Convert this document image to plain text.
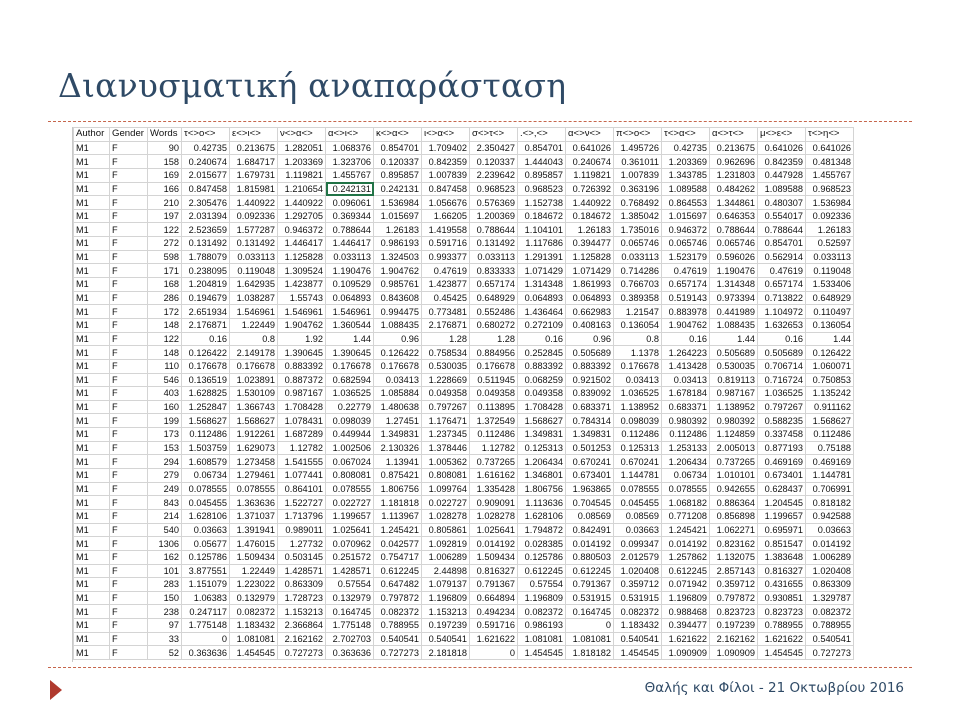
Διανυσματική αναπαράσταση
Author	Gender	Words	τ<>ο<>	ε<>ι<>	ν<>α<>	α<>ι<>	κ<>α<>	ι<>α<>	σ<>τ<>	.<>,<>	α<>ν<>	π<>ο<>	τ<>α<>	α<>τ<>	μ<>ε<>	τ<>η<>
M1	F	90	0.42735	0.213675	1.282051	1.068376	0.854701	1.709402	2.350427	0.854701	0.641026	1.495726	0.42735	0.213675	0.641026	0.641026
M1	F	158	0.240674	1.684717	1.203369	1.323706	0.120337	0.842359	0.120337	1.444043	0.240674	0.361011	1.203369	0.962696	0.842359	0.481348
M1	F	169	2.015677	1.679731	1.119821	1.455767	0.895857	1.007839	2.239642	0.895857	1.119821	1.007839	1.343785	1.231803	0.447928	1.455767
M1	F	166	0.847458	1.815981	1.210654	0.242131	0.242131	0.847458	0.968523	0.968523	0.726392	0.363196	1.089588	0.484262	1.089588	0.968523
M1	F	210	2.305476	1.440922	1.440922	0.096061	1.536984	1.056676	0.576369	1.152738	1.440922	0.768492	0.864553	1.344861	0.480307	1.536984
M1	F	197	2.031394	0.092336	1.292705	0.369344	1.015697	1.66205	1.200369	0.184672	0.184672	1.385042	1.015697	0.646353	0.554017	0.092336
M1	F	122	2.523659	1.577287	0.946372	0.788644	1.26183	1.419558	0.788644	1.104101	1.26183	1.735016	0.946372	0.788644	0.788644	1.26183
M1	F	272	0.131492	0.131492	1.446417	1.446417	0.986193	0.591716	0.131492	1.117686	0.394477	0.065746	0.065746	0.065746	0.854701	0.52597
M1	F	598	1.788079	0.033113	1.125828	0.033113	1.324503	0.993377	0.033113	1.291391	1.125828	0.033113	1.523179	0.596026	0.562914	0.033113
M1	F	171	0.238095	0.119048	1.309524	1.190476	1.904762	0.47619	0.833333	1.071429	1.071429	0.714286	0.47619	1.190476	0.47619	0.119048
M1	F	168	1.204819	1.642935	1.423877	0.109529	0.985761	1.423877	0.657174	1.314348	1.861993	0.766703	0.657174	1.314348	0.657174	1.533406
M1	F	286	0.194679	1.038287	1.55743	0.064893	0.843608	0.45425	0.648929	0.064893	0.064893	0.389358	0.519143	0.973394	0.713822	0.648929
M1	F	172	2.651934	1.546961	1.546961	1.546961	0.994475	0.773481	0.552486	1.436464	0.662983	1.21547	0.883978	0.441989	1.104972	0.110497
M1	F	148	2.176871	1.22449	1.904762	1.360544	1.088435	2.176871	0.680272	0.272109	0.408163	0.136054	1.904762	1.088435	1.632653	0.136054
M1	F	122	0.16	0.8	1.92	1.44	0.96	1.28	1.28	0.16	0.96	0.8	0.16	1.44	0.16	1.44
M1	F	148	0.126422	2.149178	1.390645	1.390645	0.126422	0.758534	0.884956	0.252845	0.505689	1.1378	1.264223	0.505689	0.505689	0.126422
M1	F	110	0.176678	0.176678	0.883392	0.176678	0.176678	0.530035	0.176678	0.883392	0.883392	0.176678	1.413428	0.530035	0.706714	1.060071
M1	F	546	0.136519	1.023891	0.887372	0.682594	0.03413	1.228669	0.511945	0.068259	0.921502	0.03413	0.03413	0.819113	0.716724	0.750853
M1	F	403	1.628825	1.530109	0.987167	1.036525	1.085884	0.049358	0.049358	0.049358	0.839092	1.036525	1.678184	0.987167	1.036525	1.135242
M1	F	160	1.252847	1.366743	1.708428	0.22779	1.480638	0.797267	0.113895	1.708428	0.683371	1.138952	0.683371	1.138952	0.797267	0.911162
M1	F	199	1.568627	1.568627	1.078431	0.098039	1.27451	1.176471	1.372549	1.568627	0.784314	0.098039	0.980392	0.980392	0.588235	1.568627
M1	F	173	0.112486	1.912261	1.687289	0.449944	1.349831	1.237345	0.112486	1.349831	1.349831	0.112486	0.112486	1.124859	0.337458	0.112486
M1	F	153	1.503759	1.629073	1.12782	1.002506	2.130326	1.378446	1.12782	0.125313	0.501253	0.125313	1.253133	2.005013	0.877193	0.75188
M1	F	294	1.608579	1.273458	1.541555	0.067024	1.13941	1.005362	0.737265	1.206434	0.670241	0.670241	1.206434	0.737265	0.469169	0.469169
M1	F	279	0.06734	1.279461	1.077441	0.808081	0.875421	0.808081	1.616162	1.346801	0.673401	1.144781	0.06734	1.010101	0.673401	1.144781
M1	F	249	0.078555	0.078555	0.864101	0.078555	1.806756	1.099764	1.335428	1.806756	1.963865	0.078555	0.078555	0.942655	0.628437	0.706991
M1	F	843	0.045455	1.363636	1.522727	0.022727	1.181818	0.022727	0.909091	1.113636	0.704545	0.045455	1.068182	0.886364	1.204545	0.818182
M1	F	214	1.628106	1.371037	1.713796	1.199657	1.113967	1.028278	1.028278	1.628106	0.08569	0.08569	0.771208	0.856898	1.199657	0.942588
M1	F	540	0.03663	1.391941	0.989011	1.025641	1.245421	0.805861	1.025641	1.794872	0.842491	0.03663	1.245421	1.062271	0.695971	0.03663
M1	F	1306	0.05677	1.476015	1.27732	0.070962	0.042577	1.092819	0.014192	0.028385	0.014192	0.099347	0.014192	0.823162	0.851547	0.014192
M1	F	162	0.125786	1.509434	0.503145	0.251572	0.754717	1.006289	1.509434	0.125786	0.880503	2.012579	1.257862	1.132075	1.383648	1.006289
M1	F	101	3.877551	1.22449	1.428571	1.428571	0.612245	2.44898	0.816327	0.612245	0.612245	1.020408	0.612245	2.857143	0.816327	1.020408
M1	F	283	1.151079	1.223022	0.863309	0.57554	0.647482	1.079137	0.791367	0.57554	0.791367	0.359712	0.071942	0.359712	0.431655	0.863309
M1	F	150	1.06383	0.132979	1.728723	0.132979	0.797872	1.196809	0.664894	1.196809	0.531915	0.531915	1.196809	0.797872	0.930851	1.329787
M1	F	238	0.247117	0.082372	1.153213	0.164745	0.082372	1.153213	0.494234	0.082372	0.164745	0.082372	0.988468	0.823723	0.823723	0.082372
M1	F	97	1.775148	1.183432	2.366864	1.775148	0.788955	0.197239	0.591716	0.986193	0	1.183432	0.394477	0.197239	0.788955	0.788955
M1	F	33	0	1.081081	2.162162	2.702703	0.540541	0.540541	1.621622	1.081081	1.081081	0.540541	1.621622	2.162162	1.621622	0.540541
M1	F	52	0.363636	1.454545	0.727273	0.363636	0.727273	2.181818	0	1.454545	1.818182	1.454545	1.090909	1.090909	1.454545	0.727273
Θαλής και Φίλοι - 21 Οκτωβρίου 2016
